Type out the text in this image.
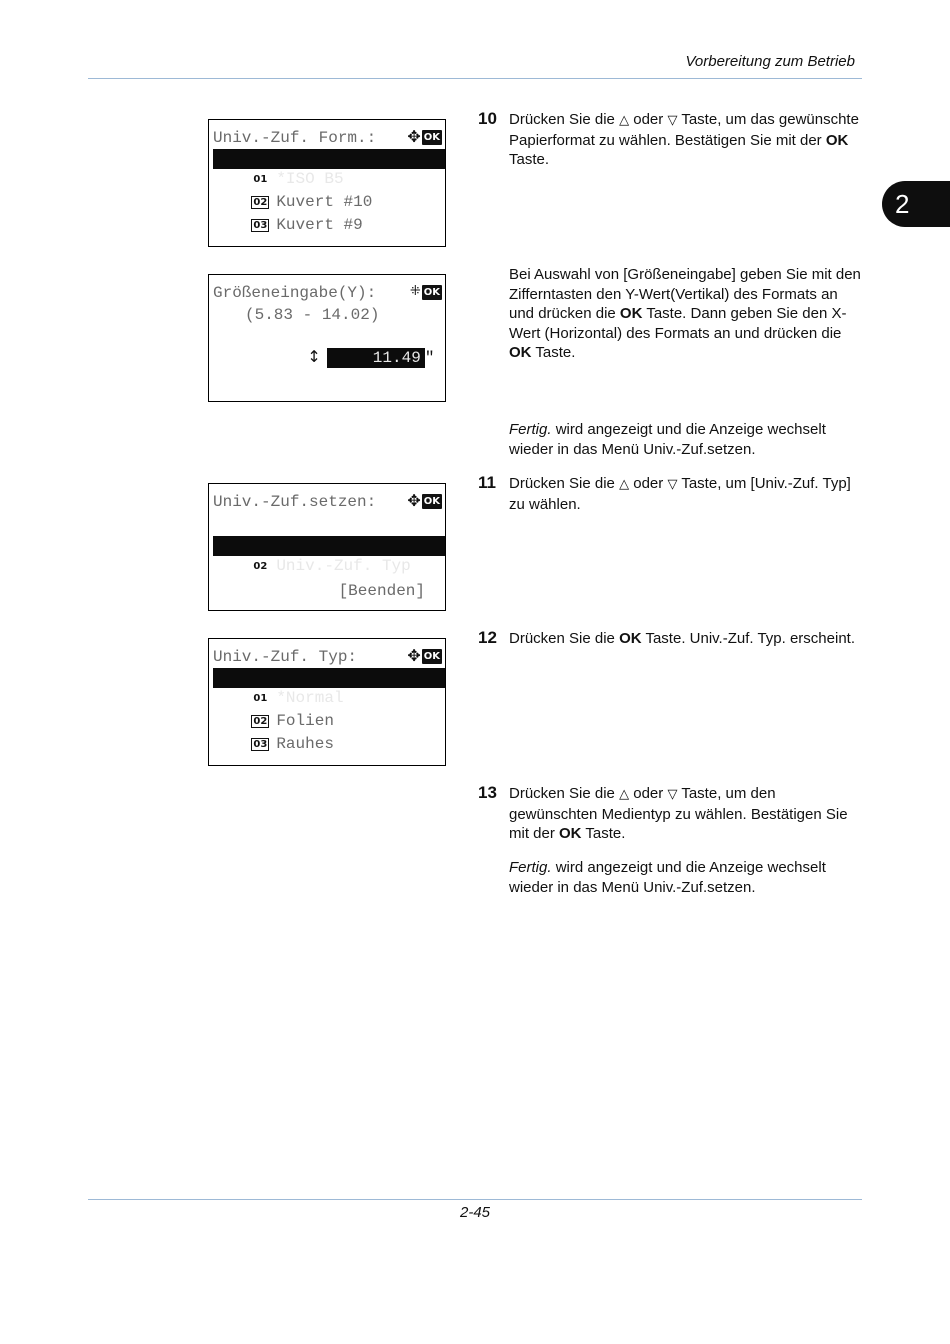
Vorbereitung zum Betrieb
2
Univ.-Zuf. Form.:	✥ OK

01 *ISO B5

02 Kuvert #10

03 Kuvert #9

Größeneingabe(Y):	⁜ OK
(5.83 - 14.02)

↕	11.49 "

Univ.-Zuf.setzen:	✥ OK

02 Univ.-Zuf. Typ

[Beenden]
Univ.-Zuf. Typ:	✥ OK

01 *Normal

02 Folien

03 Rauhes

10 Drücken Sie die △ oder ▽ Taste, um das gewünschte Papierformat zu wählen. Bestätigen Sie mit der OK Taste.
Bei Auswahl von [Größeneingabe] geben Sie mit den Zifferntasten den Y-Wert(Vertikal) des Formats an und drücken die OK Taste. Dann geben Sie den X-Wert (Horizontal) des Formats an und drücken die OK Taste.
Fertig. wird angezeigt und die Anzeige wechselt wieder in das Menü Univ.-Zuf.setzen.
11 Drücken Sie die △ oder ▽ Taste, um [Univ.-Zuf. Typ] zu wählen.
12 Drücken Sie die OK Taste. Univ.-Zuf. Typ. erscheint.
13 Drücken Sie die △ oder ▽ Taste, um den gewünschten Medientyp zu wählen. Bestätigen Sie mit der OK Taste.
Fertig. wird angezeigt und die Anzeige wechselt wieder in das Menü Univ.-Zuf.setzen.
2-45
